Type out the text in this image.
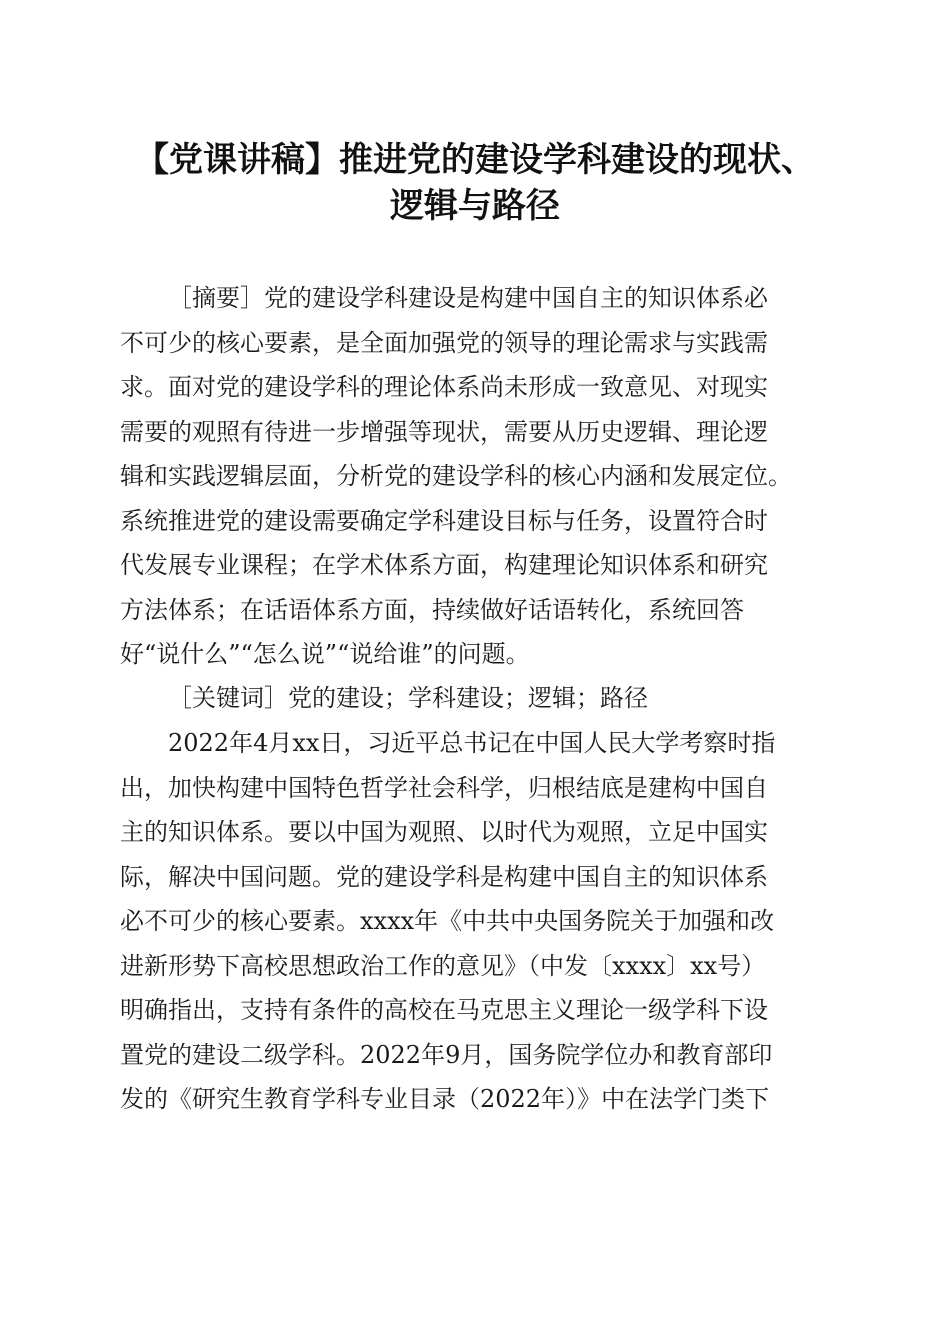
【党课讲稿】推进党的建设学科建设的现状、
逻辑与路径
［摘要］党的建设学科建设是构建中国自主的知识体系必
不可少的核心要素，是全面加强党的领导的理论需求与实践需
求。面对党的建设学科的理论体系尚未形成一致意见、对现实
需要的观照有待进一步增强等现状，需要从历史逻辑、理论逻
辑和实践逻辑层面，分析党的建设学科的核心内涵和发展定位。
系统推进党的建设需要确定学科建设目标与任务，设置符合时
代发展专业课程；在学术体系方面，构建理论知识体系和研究
方法体系；在话语体系方面，持续做好话语转化，系统回答
好“说什么”“怎么说”“说给谁”的问题。
［关键词］党的建设；学科建设；逻辑；路径
2022年4月xx日，习近平总书记在中国人民大学考察时指
出，加快构建中国特色哲学社会科学，归根结底是建构中国自
主的知识体系。要以中国为观照、以时代为观照，立足中国实
际，解决中国问题。党的建设学科是构建中国自主的知识体系
必不可少的核心要素。xxxx年《中共中央国务院关于加强和改
进新形势下高校思想政治工作的意见》（中发〔xxxx〕xx号）
明确指出，支持有条件的高校在马克思主义理论一级学科下设
置党的建设二级学科。2022年9月，国务院学位办和教育部印
发的《研究生教育学科专业目录（2022年）》中在法学门类下
